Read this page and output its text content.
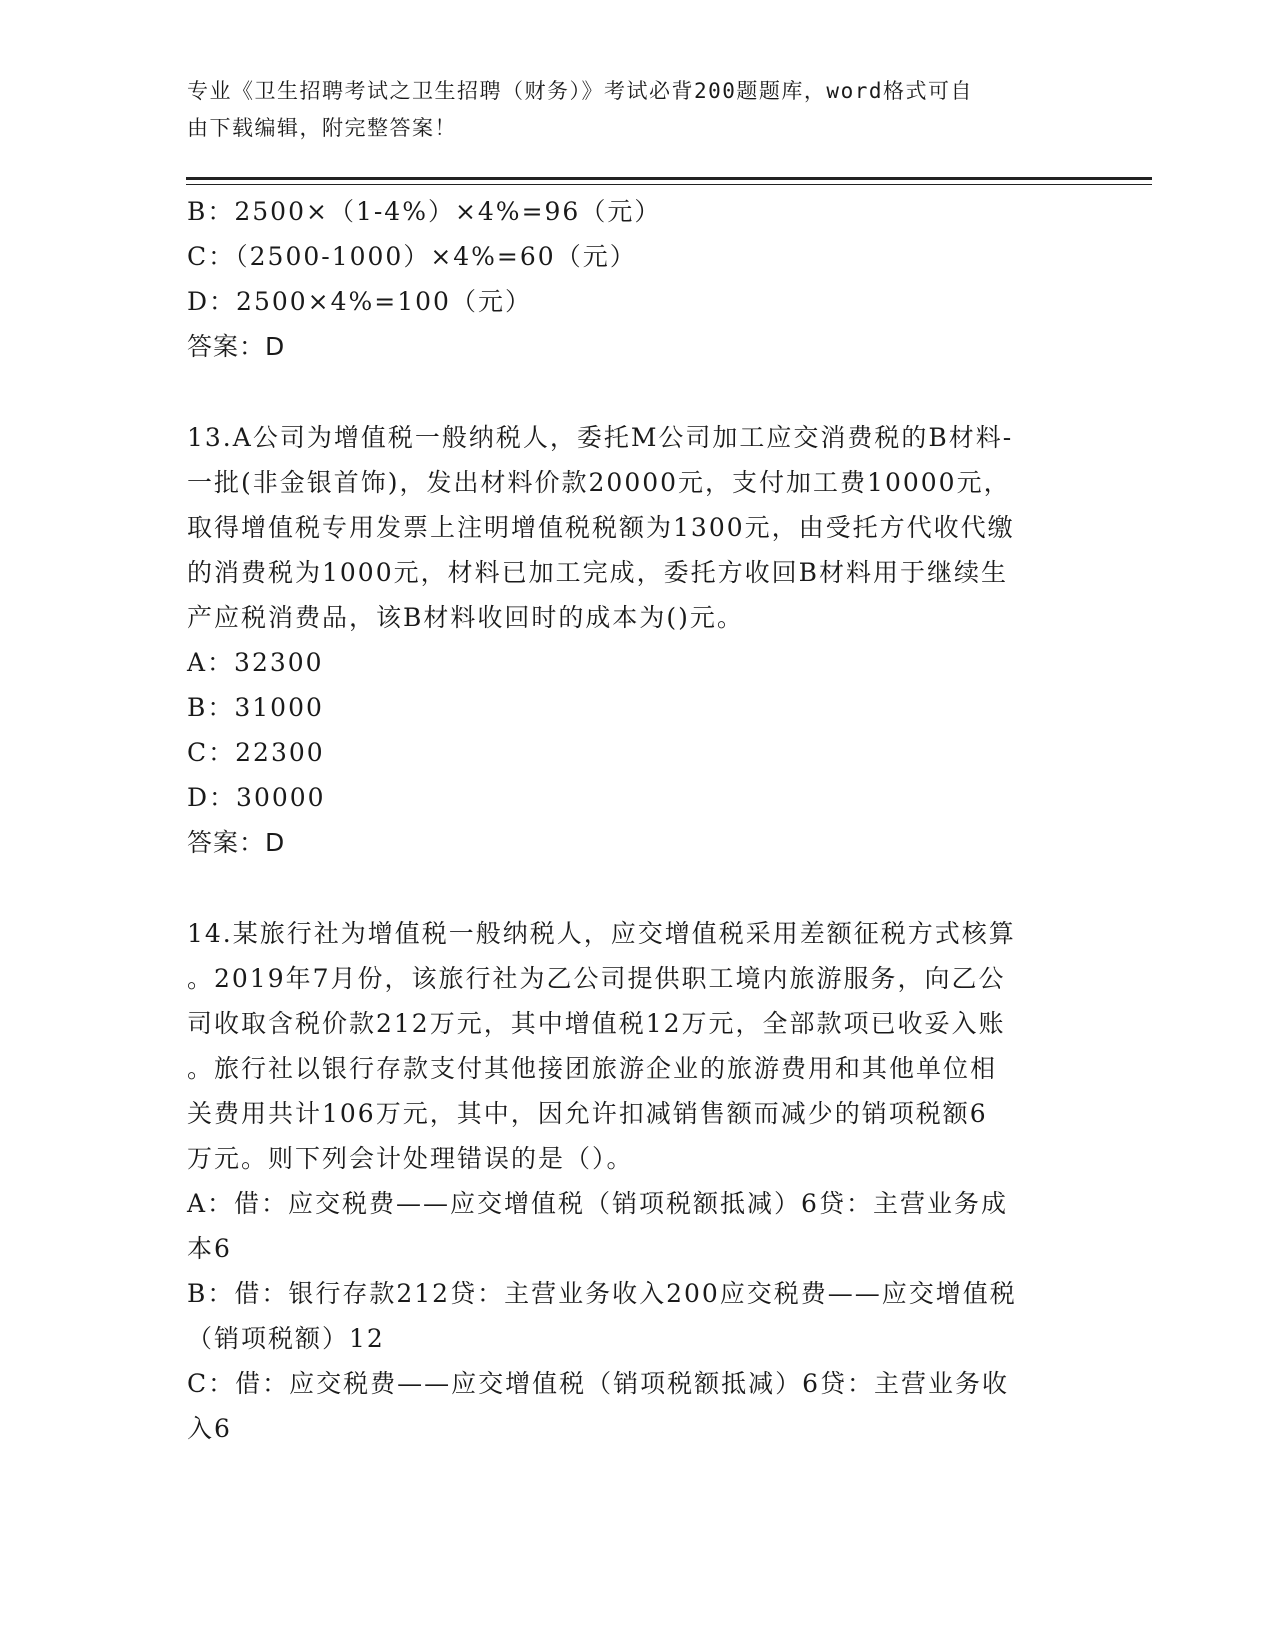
专业《卫生招聘考试之卫生招聘（财务）》考试必背200题题库，word格式可自
由下载编辑，附完整答案！
B：2500×（1-4%）×4%=96（元）
C：（2500-1000）×4%=60（元）
D：2500×4%=100（元）
答案：D
13.A公司为增值税一般纳税人，委托M公司加工应交消费税的B材料-
一批(非金银首饰)，发出材料价款20000元，支付加工费10000元，
取得增值税专用发票上注明增值税税额为1300元，由受托方代收代缴
的消费税为1000元，材料已加工完成，委托方收回B材料用于继续生
产应税消费品，该B材料收回时的成本为()元。
A：32300
B：31000
C：22300
D：30000
答案：D
14.某旅行社为增值税一般纳税人，应交增值税采用差额征税方式核算
。2019年7月份，该旅行社为乙公司提供职工境内旅游服务，向乙公
司收取含税价款212万元，其中增值税12万元，全部款项已收妥入账
。旅行社以银行存款支付其他接团旅游企业的旅游费用和其他单位相
关费用共计106万元，其中，因允许扣减销售额而减少的销项税额6
万元。则下列会计处理错误的是（）。
A：借：应交税费——应交增值税（销项税额抵减）6贷：主营业务成
本6
B：借：银行存款212贷：主营业务收入200应交税费——应交增值税
（销项税额）12
C：借：应交税费——应交增值税（销项税额抵减）6贷：主营业务收
入6
